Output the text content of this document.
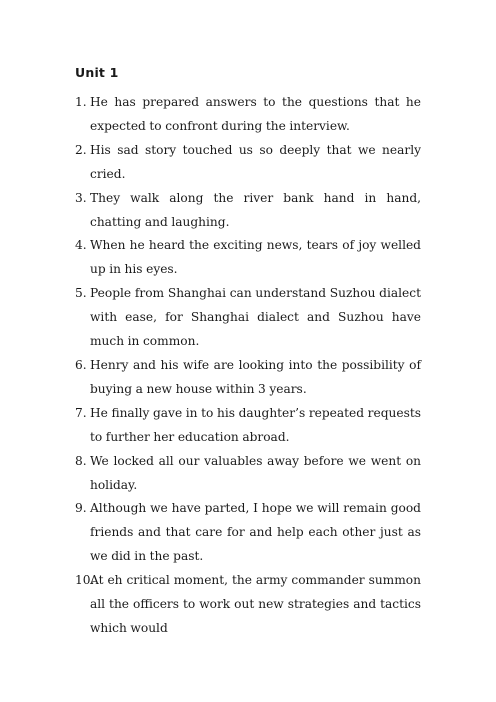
Unit 1
1. He has prepared answers to the questions that he expected to confront during the interview.
2. His sad story touched us so deeply that we nearly cried.
3. They walk along the river bank hand in hand, chatting and laughing.
4. When he heard the exciting news, tears of joy welled up in his eyes.
5. People from Shanghai can understand Suzhou dialect with ease, for Shanghai dialect and Suzhou have much in common.
6. Henry and his wife are looking into the possibility of buying a new house within 3 years.
7. He finally gave in to his daughter’s repeated requests to further her education abroad.
8. We locked all our valuables away before we went on holiday.
9. Although we have parted, I hope we will remain good friends and that care for and help each other just as we did in the past.
10.
At eh critical moment, the army commander summon all the officers to work out new strategies and tactics which would
